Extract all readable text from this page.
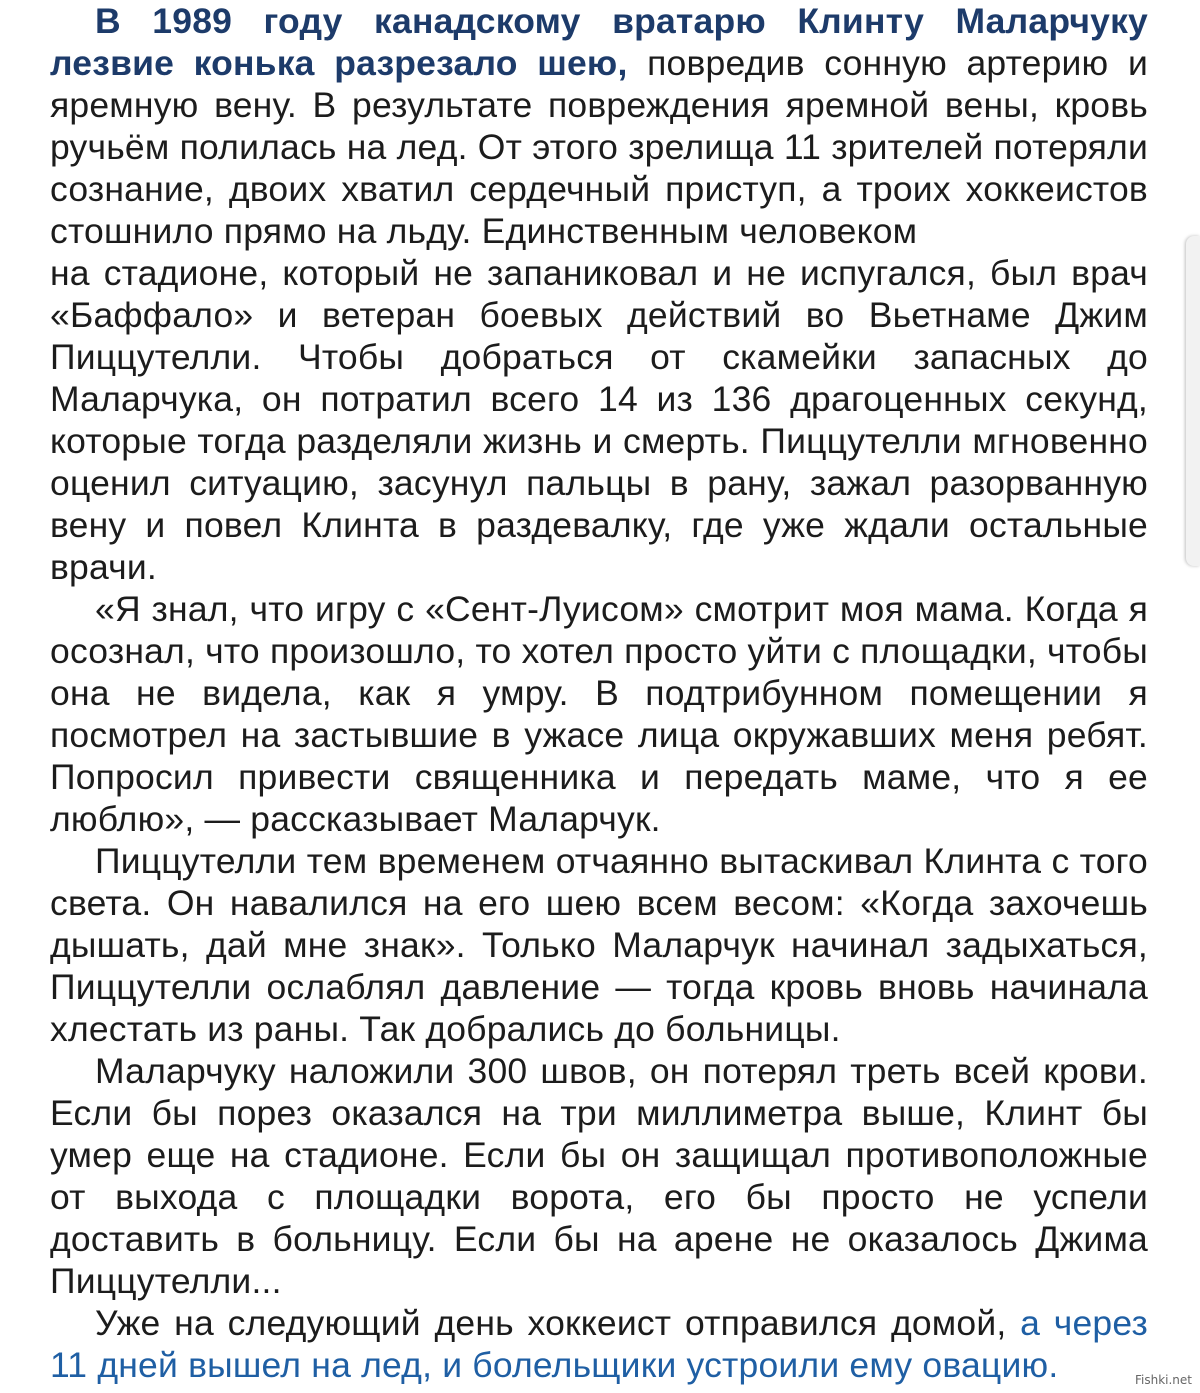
В 1989 году канадскому вратарю Клинту Маларчуку лезвие конька разрезало шею, повредив сонную артерию и яремную вену. В результате повреждения яремной вены, кровь ручьём полилась на лед. От этого зрелища 11 зрителей потеряли сознание, двоих хватил сердечный приступ, а троих хоккеистов стошнило прямо на льду. Единственным человеком

на стадионе, который не запаниковал и не испугался, был врач «Баффало» и ветеран боевых действий во Вьетнаме Джим Пиццутелли. Чтобы добраться от скамейки запасных до Маларчука, он потратил всего 14 из 136 драгоценных секунд, которые тогда разделяли жизнь и смерть. Пиццутелли мгновенно оценил ситуацию, засунул пальцы в рану, зажал разорванную вену и повел Клинта в раздевалку, где уже ждали остальные врачи.

«Я знал, что игру с «Сент-Луисом» смотрит моя мама. Когда я осознал, что произошло, то хотел просто уйти с площадки, чтобы она не видела, как я умру. В подтрибунном помещении я посмотрел на застывшие в ужасе лица окружавших меня ребят. Попросил привести священника и передать маме, что я ее люблю», — рассказывает Маларчук.

Пиццутелли тем временем отчаянно вытаскивал Клинта с того света. Он навалился на его шею всем весом: «Когда захочешь дышать, дай мне знак». Только Маларчук начинал задыхаться, Пиццутелли ослаблял давление — тогда кровь вновь начинала хлестать из раны. Так добрались до больницы.

Маларчуку наложили 300 швов, он потерял треть всей крови. Если бы порез оказался на три миллиметра выше, Клинт бы умер еще на стадионе. Если бы он защищал противоположные от выхода с площадки ворота, его бы просто не успели доставить в больницу. Если бы на арене не оказалось Джима Пиццутелли...

Уже на следующий день хоккеист отправился домой, а через 11 дней вышел на лед, и болельщики устроили ему овацию.	Fishki.net
